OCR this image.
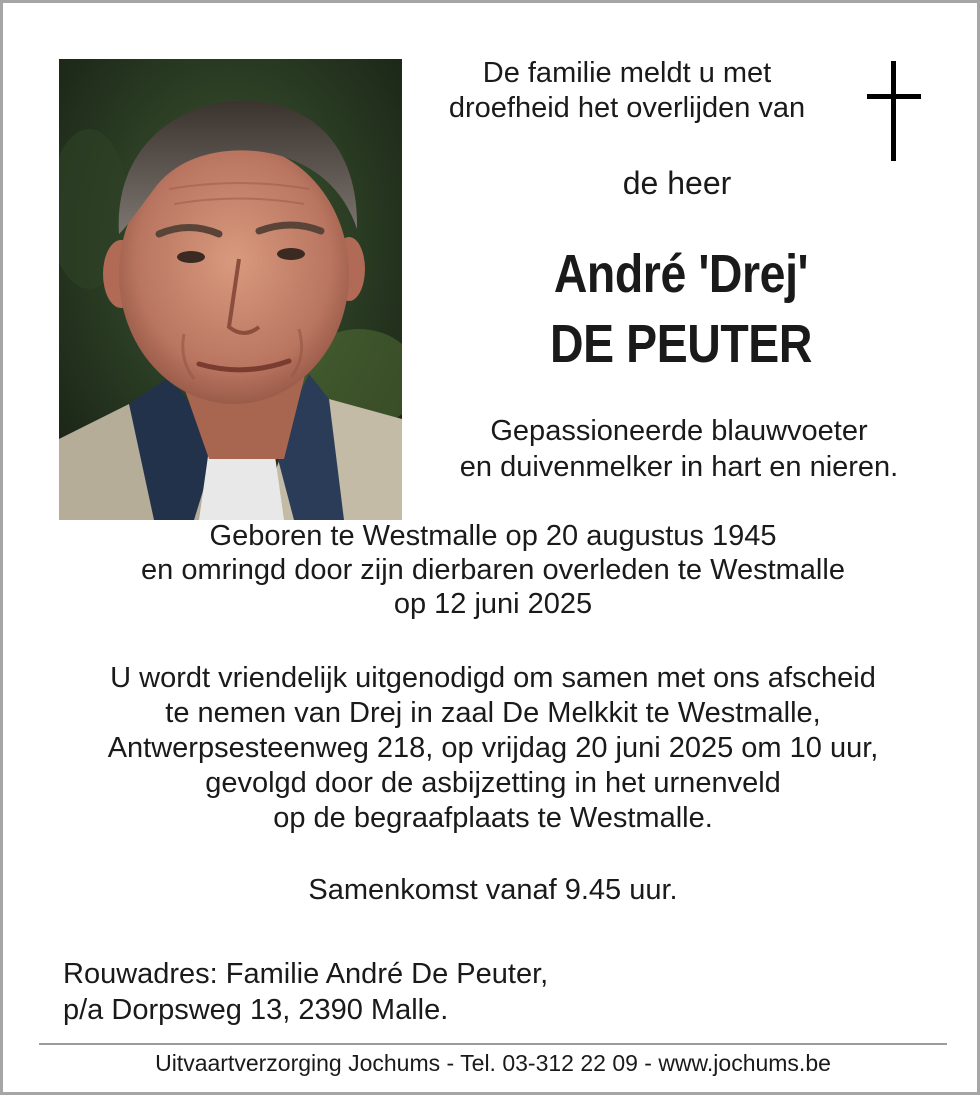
De familie meldt u met
droefheid het overlijden van
de heer
André 'Drej'
DE PEUTER
Gepassioneerde blauwvoeter
en duivenmelker in hart en nieren.
Geboren te Westmalle op 20 augustus 1945
en omringd door zijn dierbaren overleden te Westmalle
op 12 juni 2025
U wordt vriendelijk uitgenodigd om samen met ons afscheid
te nemen van Drej in zaal De Melkkit te Westmalle,
Antwerpsesteenweg 218, op vrijdag 20 juni 2025 om 10 uur,
gevolgd door de asbijzetting in het urnenveld
op de begraafplaats te Westmalle.
Samenkomst vanaf 9.45 uur.
Rouwadres: Familie André De Peuter,
p/a Dorpsweg 13, 2390 Malle.
Uitvaartverzorging Jochums - Tel. 03-312 22 09 - www.jochums.be
